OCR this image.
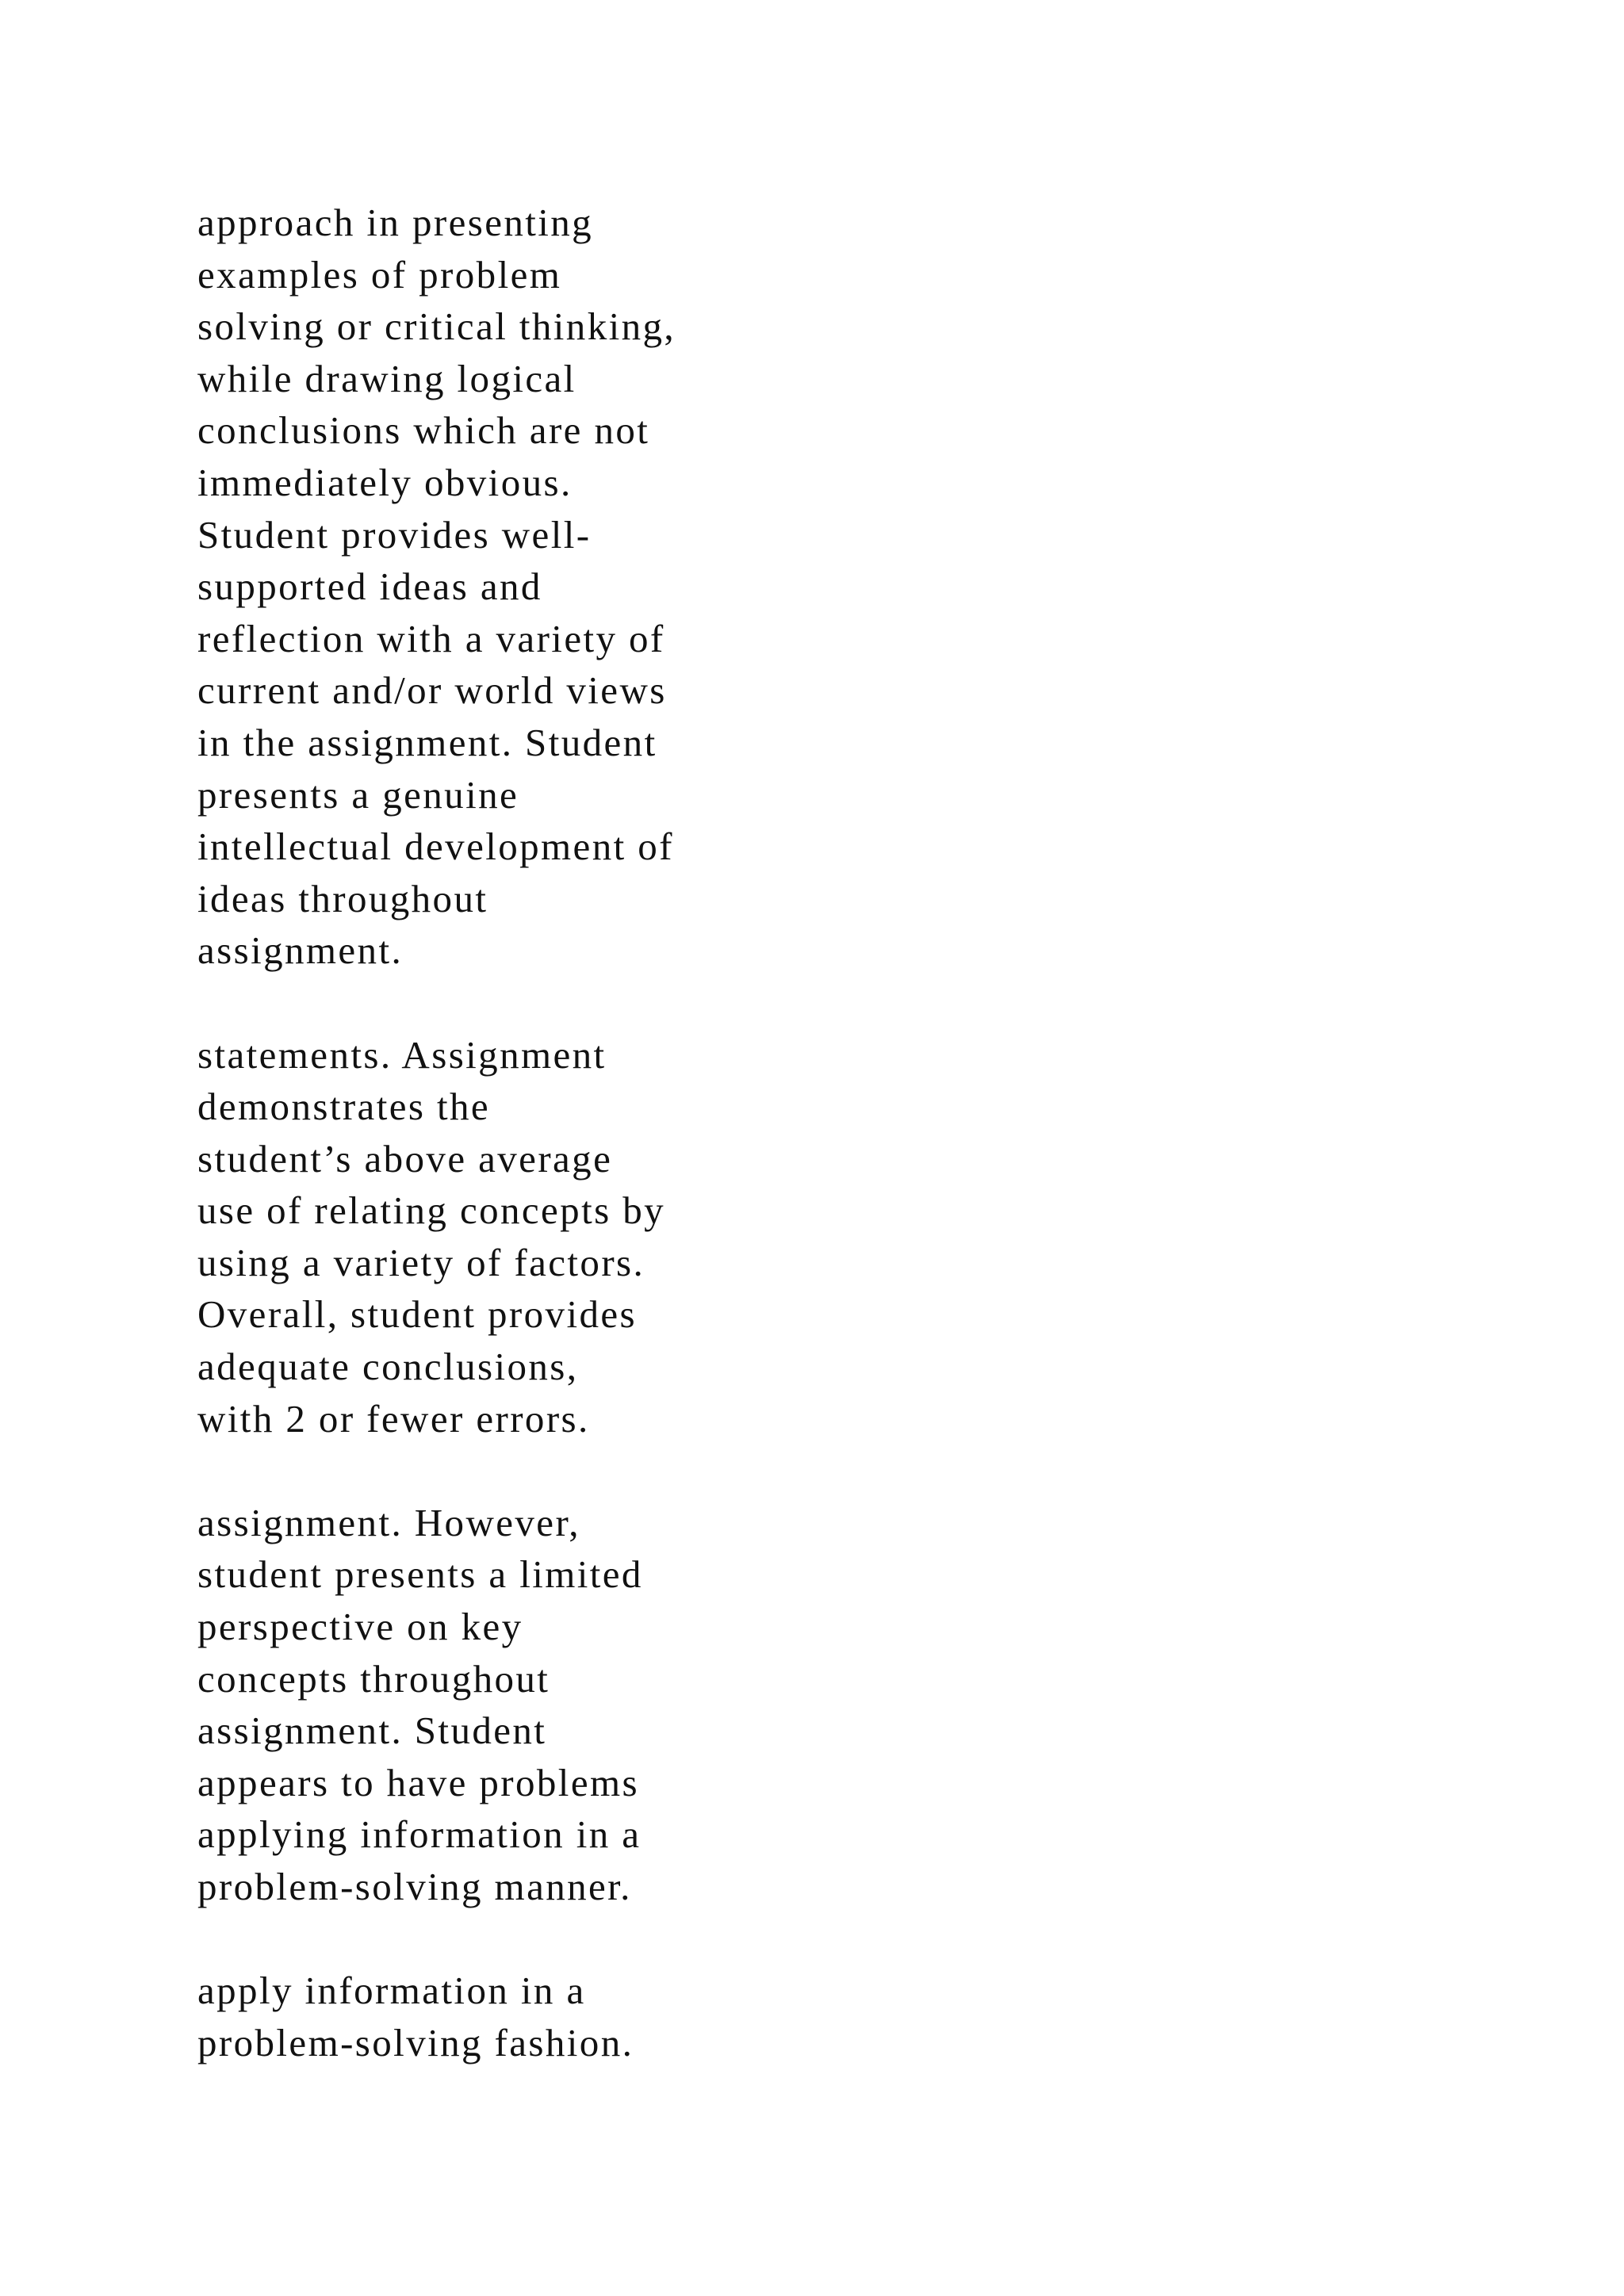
approach in presenting
examples of problem
solving or critical thinking,
while drawing logical
conclusions which are not
immediately obvious.
Student provides well-
supported ideas and
reflection with a variety of
current and/or world views
in the assignment. Student
presents a genuine
intellectual development of
ideas throughout
assignment.

statements. Assignment
demonstrates the
student’s above average
use of relating concepts by
using a variety of factors.
Overall, student provides
adequate conclusions,
with 2 or fewer errors.

assignment. However,
student presents a limited
perspective on key
concepts throughout
assignment. Student
appears to have problems
applying information in a
problem-solving manner.

apply information in a
problem-solving fashion.
